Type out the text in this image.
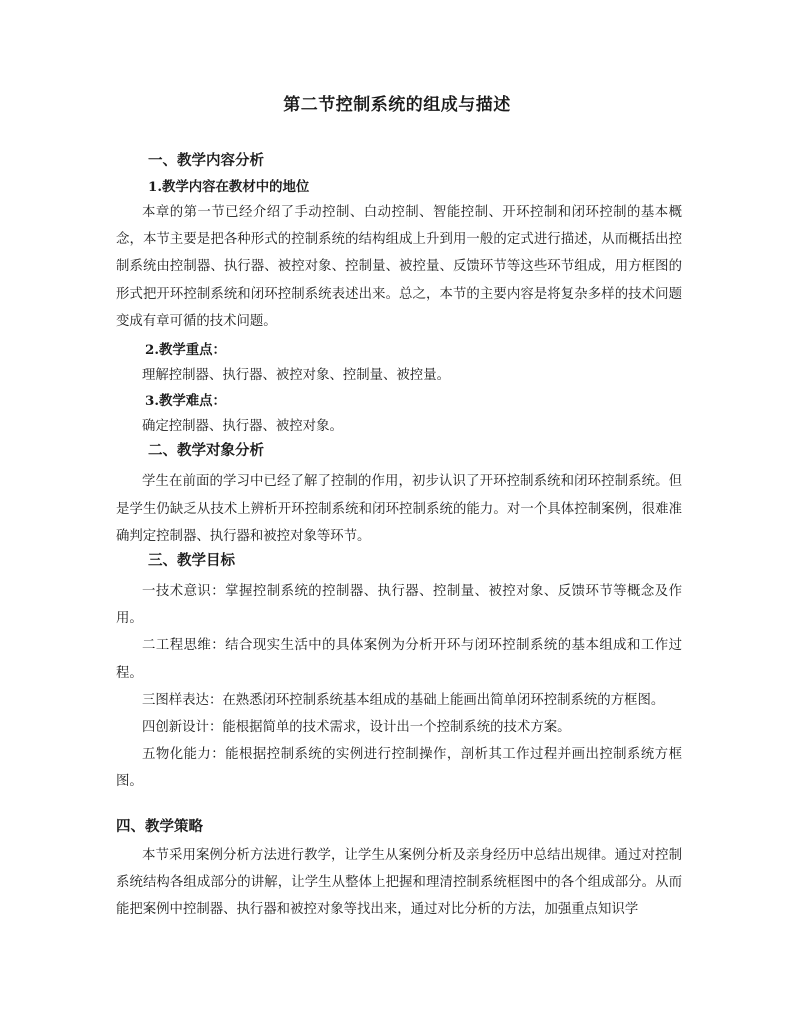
第二节控制系统的组成与描述
一、教学内容分析
1.教学内容在教材中的地位

本章的第一节已经介绍了手动控制、白动控制、智能控制、开环控制和闭环控制的基本概念，本节主要是把各种形式的控制系统的结构组成上升到用一般的定式进行描述，从而概括出控制系统由控制器、执行器、被控对象、控制量、被控量、反馈环节等这些环节组成，用方框图的形式把开环控制系统和闭环控制系统表述出来。总之，本节的主要内容是将复杂多样的技术问题变成有章可循的技术问题。

2.教学重点：

理解控制器、执行器、被控对象、控制量、被控量。

3.教学难点：

确定控制器、执行器、被控对象。

二、教学对象分析

学生在前面的学习中已经了解了控制的作用，初步认识了开环控制系统和闭环控制系统。但是学生仍缺乏从技术上辨析开环控制系统和闭环控制系统的能力。对一个具体控制案例，很难准确判定控制器、执行器和被控对象等环节。

三、教学目标

一技术意识：掌握控制系统的控制器、执行器、控制量、被控对象、反馈环节等概念及作用。

二工程思维：结合现实生活中的具体案例为分析开环与闭环控制系统的基本组成和工作过程。

三图样表达：在熟悉闭环控制系统基本组成的基础上能画出简单闭环控制系统的方框图。

四创新设计：能根据简单的技术需求，设计出一个控制系统的技术方案。

五物化能力：能根据控制系统的实例进行控制操作，剖析其工作过程并画出控制系统方框图。

四、教学策略

本节采用案例分析方法进行教学，让学生从案例分析及亲身经历中总结出规律。通过对控制系统结构各组成部分的讲解，让学生从整体上把握和理清控制系统框图中的各个组成部分。从而能把案例中控制器、执行器和被控对象等找出来，通过对比分析的方法，加强重点知识学
